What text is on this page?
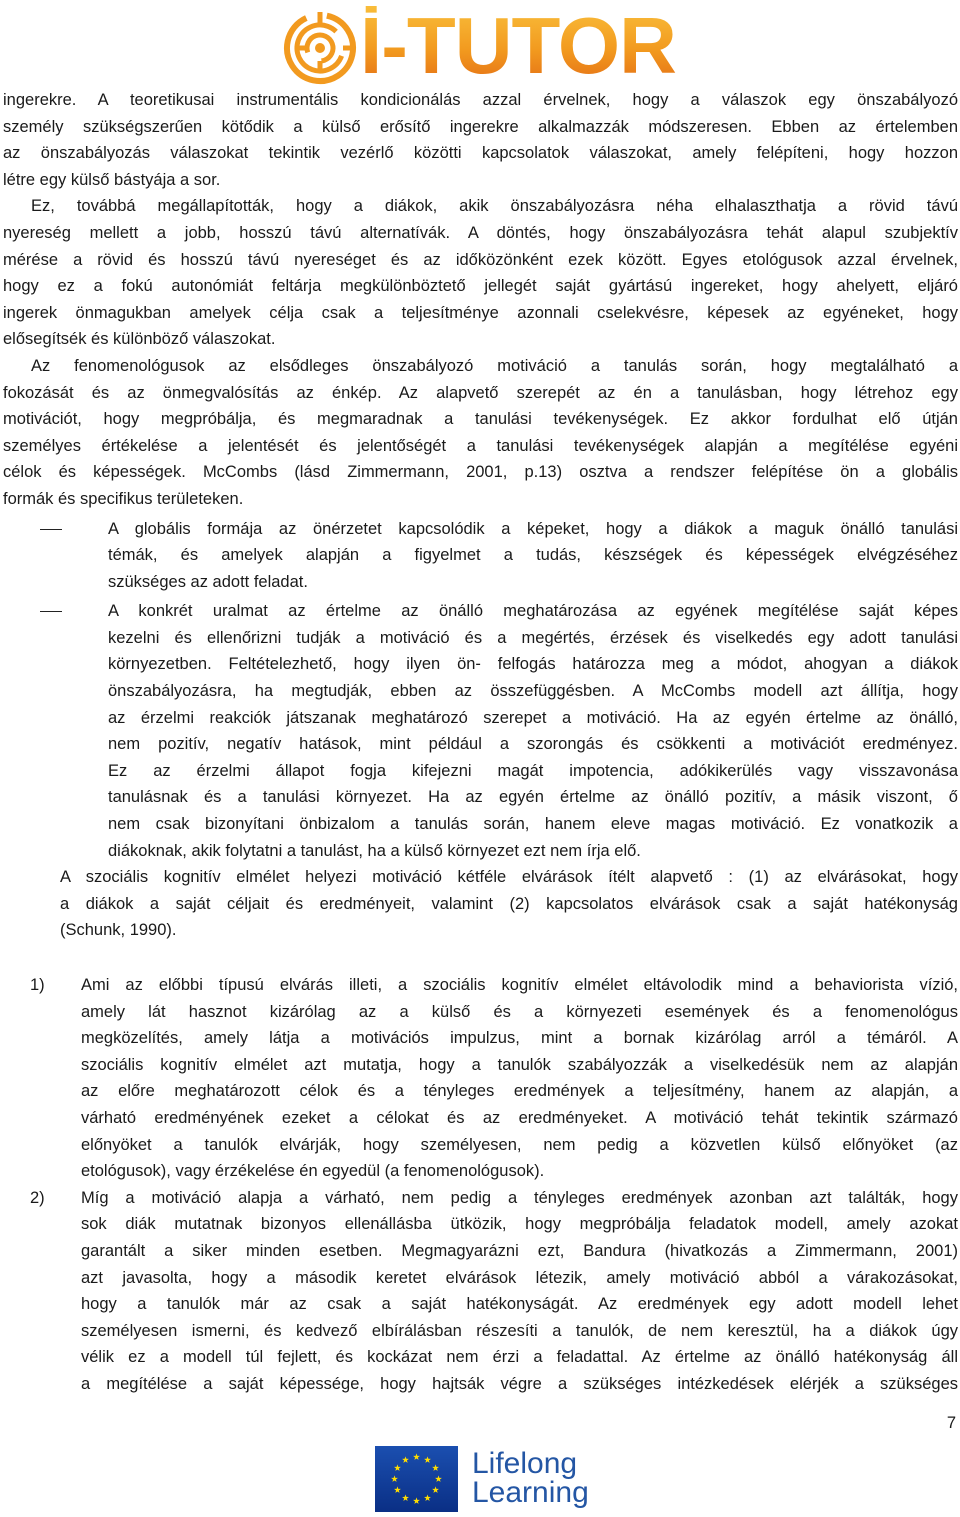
İ-TUTOR
ingerekre. A teoretikusai instrumentális kondicionálás azzal érvelnek, hogy a válaszok egy önszabályozó
személy szükségszerűen kötődik a külső erősítő ingerekre alkalmazzák módszeresen. Ebben az értelemben
az önszabályozás válaszokat tekintik vezérlő közötti kapcsolatok válaszokat, amely felépíteni, hogy hozzon
létre egy külső bástyája a sor.
Ez, továbbá megállapították, hogy a diákok, akik önszabályozásra néha elhalaszthatja a rövid távú
nyereség mellett a jobb, hosszú távú alternatívák. A döntés, hogy önszabályozásra tehát alapul szubjektív
mérése a rövid és hosszú távú nyereséget és az időközönként ezek között. Egyes etológusok azzal érvelnek,
hogy ez a fokú autonómiát feltárja megkülönböztető jellegét saját gyártású ingereket, hogy ahelyett, eljáró
ingerek önmagukban amelyek célja csak a teljesítménye azonnali cselekvésre, képesek az egyéneket, hogy
elősegítsék és különböző válaszokat.
Az fenomenológusok az elsődleges önszabályozó motiváció a tanulás során, hogy megtalálható a
fokozását és az önmegvalósítás az énkép. Az alapvető szerepét az én a tanulásban, hogy létrehoz egy
motivációt, hogy megpróbálja, és megmaradnak a tanulási tevékenységek. Ez akkor fordulhat elő útján
személyes értékelése a jelentését és jelentőségét a tanulási tevékenységek alapján a megítélése egyéni
célok és képességek. McCombs (lásd Zimmermann, 2001, p.13) osztva a rendszer felépítése ön a globális
formák és specifikus területeken.
A globális formája az önérzetet kapcsolódik a képeket, hogy a diákok a maguk önálló tanulási
témák, és amelyek alapján a figyelmet a tudás, készségek és képességek elvégzéséhez
szükséges az adott feladat.
A konkrét uralmat az értelme az önálló meghatározása az egyének megítélése saját képes
kezelni és ellenőrizni tudják a motiváció és a megértés, érzések és viselkedés egy adott tanulási
környezetben. Feltételezhető, hogy ilyen ön- felfogás határozza meg a módot, ahogyan a diákok
önszabályozásra, ha megtudják, ebben az összefüggésben. A McCombs modell azt állítja, hogy
az érzelmi reakciók játszanak meghatározó szerepet a motiváció. Ha az egyén értelme az önálló,
nem pozitív, negatív hatások, mint például a szorongás és csökkenti a motivációt eredményez.
Ez az érzelmi állapot fogja kifejezni magát impotencia, adókikerülés vagy visszavonása
tanulásnak és a tanulási környezet. Ha az egyén értelme az önálló pozitív, a másik viszont, ő
nem csak bizonyítani önbizalom a tanulás során, hanem eleve magas motiváció. Ez vonatkozik a
diákoknak, akik folytatni a tanulást, ha a külső környezet ezt nem írja elő.
A szociális kognitív elmélet helyezi motiváció kétféle elvárások ítélt alapvető : (1) az elvárásokat, hogy
a diákok a saját céljait és eredményeit, valamint (2) kapcsolatos elvárások csak a saját hatékonyság
(Schunk, 1990).
1) Ami az előbbi típusú elvárás illeti, a szociális kognitív elmélet eltávolodik mind a behaviorista vízió,
amely lát hasznot kizárólag az a külső és a környezeti események és a fenomenológus
megközelítés, amely látja a motivációs impulzus, mint a bornak kizárólag arról a témáról. A
szociális kognitív elmélet azt mutatja, hogy a tanulók szabályozzák a viselkedésük nem az alapján
az előre meghatározott célok és a tényleges eredmények a teljesítmény, hanem az alapján, a
várható eredményének ezeket a célokat és az eredményeket. A motiváció tehát tekintik származó
előnyöket a tanulók elvárják, hogy személyesen, nem pedig a közvetlen külső előnyöket (az
etológusok), vagy érzékelése én egyedül (a fenomenológusok).
2) Míg a motiváció alapja a várható, nem pedig a tényleges eredmények azonban azt találták, hogy
sok diák mutatnak bizonyos ellenállásba ütközik, hogy megpróbálja feladatok modell, amely azokat
garantált a siker minden esetben. Megmagyarázni ezt, Bandura (hivatkozás a Zimmermann, 2001)
azt javasolta, hogy a második keretet elvárások létezik, amely motiváció abból a várakozásokat,
hogy a tanulók már az csak a saját hatékonyságát. Az eredmények egy adott modell lehet
személyesen ismerni, és kedvező elbírálásban részesíti a tanulók, de nem keresztül, ha a diákok úgy
vélik ez a modell túl fejlett, és kockázat nem érzi a feladattal. Az értelme az önálló hatékonyság áll
a megítélése a saját képessége, hogy hajtsák végre a szükséges intézkedések elérjék a szükséges
7
Lifelong
Learning
